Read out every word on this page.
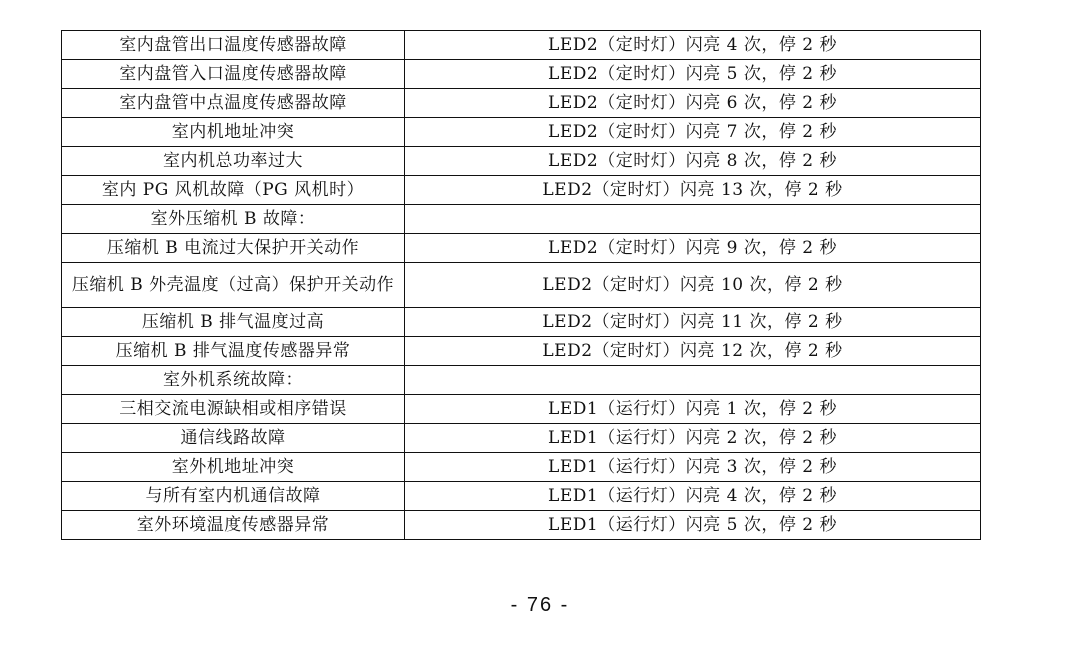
室内盘管出口温度传感器故障	LED2（定时灯）闪亮 4 次，停 2 秒
室内盘管入口温度传感器故障	LED2（定时灯）闪亮 5 次，停 2 秒
室内盘管中点温度传感器故障	LED2（定时灯）闪亮 6 次，停 2 秒
室内机地址冲突	LED2（定时灯）闪亮 7 次，停 2 秒
室内机总功率过大	LED2（定时灯）闪亮 8 次，停 2 秒
室内 PG 风机故障（PG 风机时）	LED2（定时灯）闪亮 13 次，停 2 秒
室外压缩机 B 故障：	
压缩机 B 电流过大保护开关动作	LED2（定时灯）闪亮 9 次，停 2 秒
压缩机 B 外壳温度（过高）保护开关动作	LED2（定时灯）闪亮 10 次，停 2 秒
压缩机 B 排气温度过高	LED2（定时灯）闪亮 11 次，停 2 秒
压缩机 B 排气温度传感器异常	LED2（定时灯）闪亮 12 次，停 2 秒
室外机系统故障：	
三相交流电源缺相或相序错误	LED1（运行灯）闪亮 1 次，停 2 秒
通信线路故障	LED1（运行灯）闪亮 2 次，停 2 秒
室外机地址冲突	LED1（运行灯）闪亮 3 次，停 2 秒
与所有室内机通信故障	LED1（运行灯）闪亮 4 次，停 2 秒
室外环境温度传感器异常	LED1（运行灯）闪亮 5 次，停 2 秒
- 76 -
